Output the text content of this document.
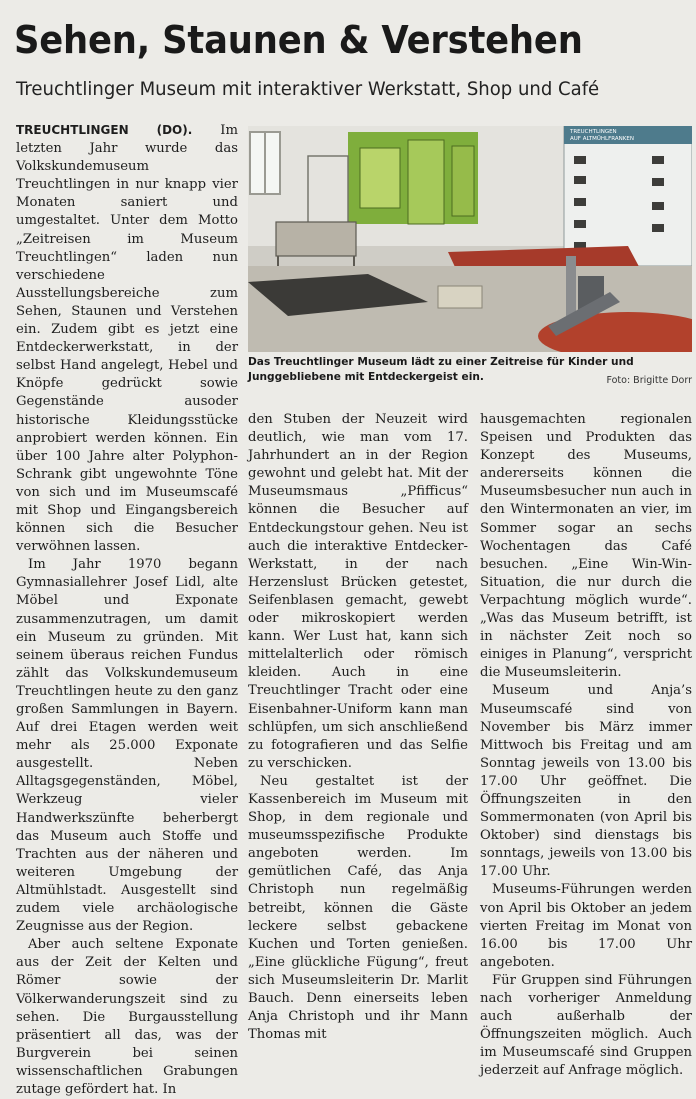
Sehen, Staunen & Verstehen
Treuchtlinger Museum mit interaktiver Werkstatt, Shop und Café

TREUCHTLINGEN (DO). Im letzten Jahr wurde das Volkskundemuseum Treuchtlingen in nur knapp vier Monaten saniert und umgestaltet. Unter dem Motto „Zeitreisen im Museum Treuchtlingen“ laden nun verschiedene Ausstellungsbereiche zum Sehen, Staunen und Verstehen ein. Zudem gibt es jetzt eine Entdeckerwerkstatt, in der selbst Hand angelegt, Hebel und Knöpfe gedrückt sowie Gegenstände ausoder historische Kleidungsstücke anprobiert werden können. Ein über 100 Jahre alter Polyphon-Schrank gibt ungewohnte Töne von sich und im Museumscafé mit Shop und Eingangsbereich können sich die Besucher verwöhnen lassen.

Im Jahr 1970 begann Gymnasiallehrer Josef Lidl, alte Möbel und Exponate zusammenzutragen, um damit ein Museum zu gründen. Mit seinem überaus reichen Fundus zählt das Volkskundemuseum Treuchtlingen heute zu den ganz großen Sammlungen in Bayern. Auf drei Etagen werden weit mehr als 25.000 Exponate ausgestellt. Neben Alltagsgegenständen, Möbel, Werkzeug vieler Handwerkszünfte beherbergt das Museum auch Stoffe und Trachten aus der näheren und weiteren Umgebung der Altmühlstadt. Ausgestellt sind zudem viele archäologische Zeugnisse aus der Region.

Aber auch seltene Exponate aus der Zeit der Kelten und Römer sowie der Völkerwanderungszeit sind zu sehen. Die Burgausstellung präsentiert all das, was der Burgverein bei seinen wissenschaftlichen Grabungen zutage gefördert hat. In

TREUCHTLINGEN
AUF ALTMÜHLFRANKEN
Das Treuchtlinger Museum lädt zu einer Zeitreise für Kinder und Junggebliebene mit Entdeckergeist ein.	Foto: Brigitte Dorr

den Stuben der Neuzeit wird deutlich, wie man vom 17. Jahrhundert an in der Region gewohnt und gelebt hat. Mit der Museumsmaus „Pfifficus“ können die Besucher auf Entdeckungstour gehen. Neu ist auch die interaktive Entdecker-Werkstatt, in der nach Herzenslust Brücken getestet, Seifenblasen gemacht, gewebt oder mikroskopiert werden kann. Wer Lust hat, kann sich mittelalterlich oder römisch kleiden. Auch in eine Treuchtlinger Tracht oder eine Eisenbahner-Uniform kann man schlüpfen, um sich anschließend zu fotografieren und das Selfie zu verschicken.

Neu gestaltet ist der Kassenbereich im Museum mit Shop, in dem regionale und museumsspezifische Produkte angeboten werden. Im gemütlichen Café, das Anja Christoph nun regelmäßig betreibt, können die Gäste leckere selbst gebackene Kuchen und Torten genießen. „Eine glückliche Fügung“, freut sich Museumsleiterin Dr. Marlit Bauch. Denn einerseits leben Anja Christoph und ihr Mann Thomas mit

hausgemachten regionalen Speisen und Produkten das Konzept des Museums, andererseits können die Museumsbesucher nun auch in den Wintermonaten an vier, im Sommer sogar an sechs Wochentagen das Café besuchen. „Eine Win-Win-Situation, die nur durch die Verpachtung möglich wurde“. „Was das Museum betrifft, ist in nächster Zeit noch so einiges in Planung“, verspricht die Museumsleiterin.

Museum und Anja’s Museumscafé sind von November bis März immer Mittwoch bis Freitag und am Sonntag jeweils von 13.00 bis 17.00 Uhr geöffnet. Die Öffnungszeiten in den Sommermonaten (von April bis Oktober) sind dienstags bis sonntags, jeweils von 13.00 bis 17.00 Uhr.

Museums-Führungen werden von April bis Oktober an jedem vierten Freitag im Monat von 16.00 bis 17.00 Uhr angeboten.

Für Gruppen sind Führungen nach vorheriger Anmeldung auch außerhalb der Öffnungszeiten möglich. Auch im Museumscafé sind Gruppen jederzeit auf Anfrage möglich.
